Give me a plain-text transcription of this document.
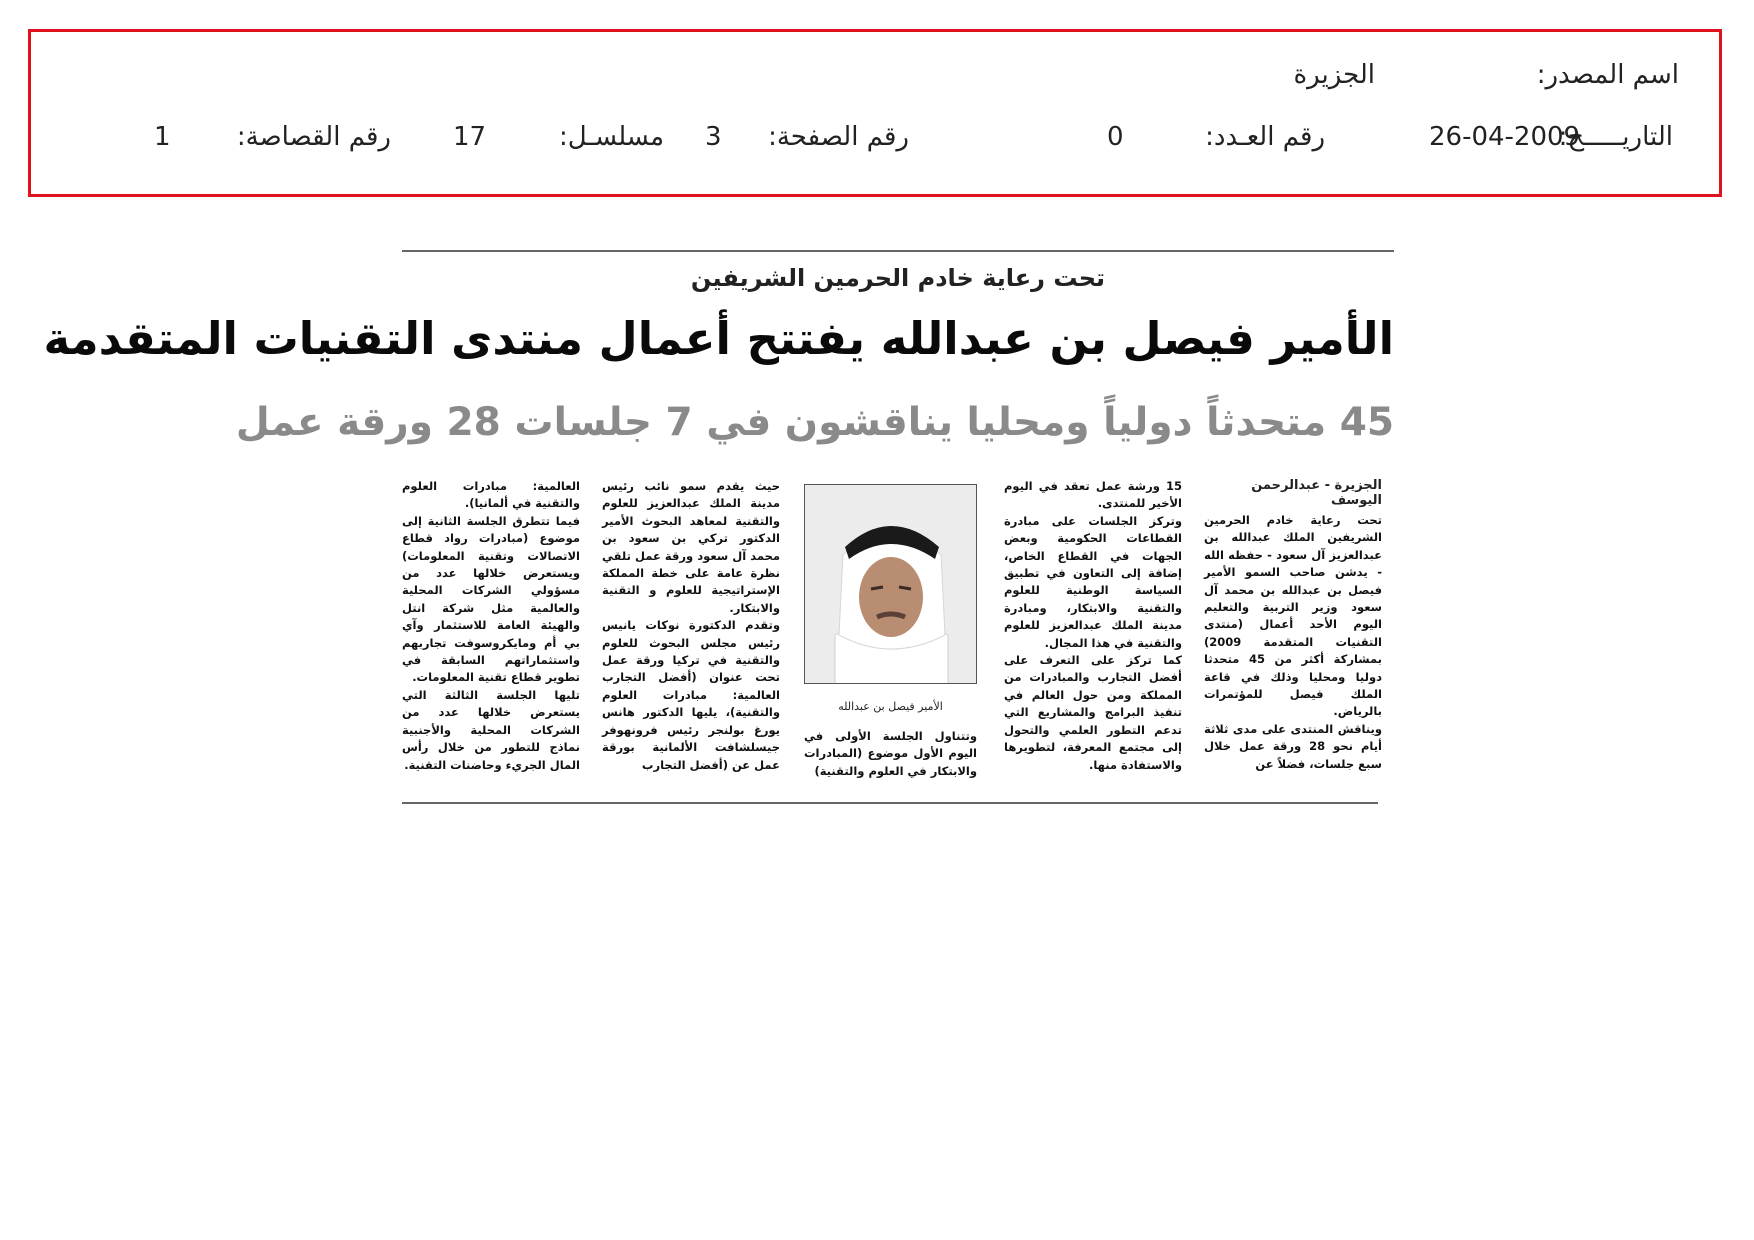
اسم المصدر:
الجزيرة
التاريـــــخ:
26-04-2009
رقم العـدد:
0
رقم الصفحة:
3
مسلسـل:
17
رقم القصاصة:
1
تحت رعاية خادم الحرمين الشريفين
الأمير فيصل بن عبدالله يفتتح أعمال منتدى التقنيات المتقدمة
45 متحدثاً دولياً ومحليا يناقشون في 7 جلسات 28 ورقة عمل
الجزيرة - عبدالرحمن اليوسف
تحت رعاية خادم الحرمين الشريفين الملك عبدالله بن عبدالعزيز آل سعود - حفظه الله - يدشن صاحب السمو الأمير فيصل بن عبدالله بن محمد آل سعود وزير التربية والتعليم اليوم الأحد أعمال (منتدى التقنيات المتقدمة 2009) بمشاركة أكثر من 45 متحدثا دوليا ومحليا وذلك في قاعة الملك فيصل للمؤتمرات بالرياض.
ويناقش المنتدى على مدى ثلاثة أيام نحو 28 ورقة عمل خلال سبع جلسات، فضلاً عن
15 ورشة عمل تعقد في اليوم الأخير للمنتدى.
وتركز الجلسات على مبادرة القطاعات الحكومية وبعض الجهات في القطاع الخاص، إضافة إلى التعاون في تطبيق السياسة الوطنية للعلوم والتقنية والابتكار، ومبادرة مدينة الملك عبدالعزيز للعلوم والتقنية في هذا المجال.
كما تركز على التعرف على أفضل التجارب والمبادرات من المملكة ومن حول العالم في تنفيذ البرامج والمشاريع التي تدعم التطور العلمي والتحول إلى مجتمع المعرفة، لتطويرها والاستفادة منها.
الأمير فيصل بن عبدالله
وتتناول الجلسة الأولى في اليوم الأول موضوع (المبادرات والابتكار في العلوم والتقنية)
حيث يقدم سمو نائب رئيس مدينة الملك عبدالعزيز للعلوم والتقنية لمعاهد البحوث الأمير الدكتور تركي بن سعود بن محمد آل سعود ورقة عمل تلقي نظرة عامة على خطة المملكة الإستراتيجية للعلوم و التقنية والابتكار.
وتقدم الدكتورة نوكات يانيس رئيس مجلس البحوث للعلوم والتقنية في تركيا ورقة عمل تحت عنوان (أفضل التجارب العالمية: مبادرات العلوم والتقنية)، يليها الدكتور هانس يورغ بولنجر رئيس فرونهوفر جيسلشافت الألمانية بورقة عمل عن (أفضل التجارب
العالمية: مبادرات العلوم والتقنية في ألمانيا).
فيما تتطرق الجلسة الثانية إلى موضوع (مبادرات رواد قطاع الاتصالات وتقنية المعلومات) ويستعرض خلالها عدد من مسؤولي الشركات المحلية والعالمية مثل شركة انتل والهيئة العامة للاستثمار وآي بي أم ومايكروسوفت تجاربهم واستثماراتهم السابقة في تطوير قطاع تقنية المعلومات.
تليها الجلسة الثالثة التي يستعرض خلالها عدد من الشركات المحلية والأجنبية نماذج للتطور من خلال رأس المال الجريء وحاضنات التقنية.
